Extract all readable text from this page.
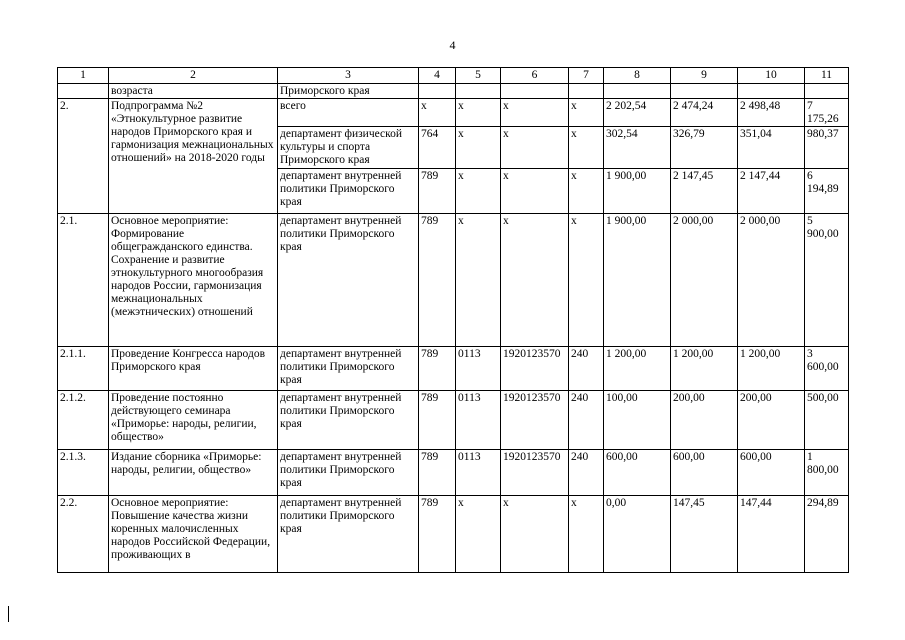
4
1	2	3	4	5	6	7	8	9	10	11
	возраста	Приморского края								
2.	Подпрограмма №2 «Этнокультурное развитие народов Приморского края и гармонизация межнациональных отношений» на 2018-2020 годы	всего	х	х	х	х	2 202,54	2 474,24	2 498,48	7 175,26
		департамент физической культуры и спорта Приморского края	764	х	х	х	302,54	326,79	351,04	980,37
		департамент внутренней политики Приморского края	789	х	х	х	1 900,00	2 147,45	2 147,44	6 194,89
2.1.	Основное мероприятие: Формирование общегражданского единства. Сохранение и развитие этнокультурного многообразия народов России, гармонизация межнациональных (межэтнических) отношений	департамент внутренней политики Приморского края	789	х	х	х	1 900,00	2 000,00	2 000,00	5 900,00
2.1.1.	Проведение Конгресса народов Приморского края	департамент внутренней политики Приморского края	789	0113	1920123570	240	1 200,00	1 200,00	1 200,00	3 600,00
2.1.2.	Проведение постоянно действующего семинара «Приморье: народы, религии, общество»	департамент внутренней политики Приморского края	789	0113	1920123570	240	100,00	200,00	200,00	500,00
2.1.3.	Издание сборника «Приморье: народы, религии, общество»	департамент внутренней политики Приморского края	789	0113	1920123570	240	600,00	600,00	600,00	1 800,00
2.2.	Основное мероприятие: Повышение качества жизни коренных малочисленных народов Российской Федерации, проживающих в	департамент внутренней политики Приморского края	789	х	х	х	0,00	147,45	147,44	294,89
